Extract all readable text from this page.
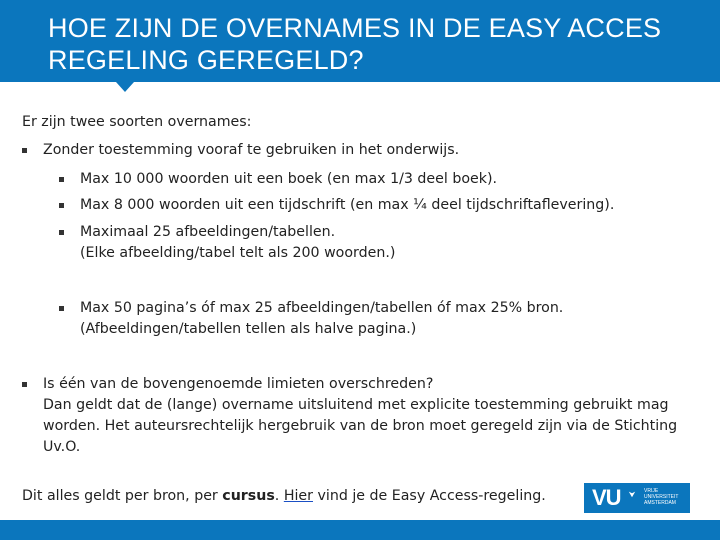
HOE ZIJN DE OVERNAMES IN DE EASY ACCES
REGELING GEREGELD?
Er zijn twee soorten overnames:
Zonder toestemming vooraf te gebruiken in het onderwijs.
Max 10 000 woorden uit een boek (en max 1/3 deel boek).
Max 8 000 woorden uit een tijdschrift (en max ¼ deel tijdschriftaflevering).
Maximaal 25 afbeeldingen/tabellen.
(Elke afbeelding/tabel telt als 200 woorden.)
Max 50 pagina’s óf max 25 afbeeldingen/tabellen óf max 25% bron.
(Afbeeldingen/tabellen tellen als halve pagina.)
Is één van de bovengenoemde limieten overschreden?
Dan geldt dat de (lange) overname uitsluitend met explicite toestemming gebruikt mag
worden. Het auteursrechtelijk hergebruik van de bron moet geregeld zijn via de Stichting
Uv.O.
Dit alles geldt per bron, per cursus. Hier vind je de Easy Access-regeling. VU	VRIJE
UNIVERSITEIT
AMSTERDAM
